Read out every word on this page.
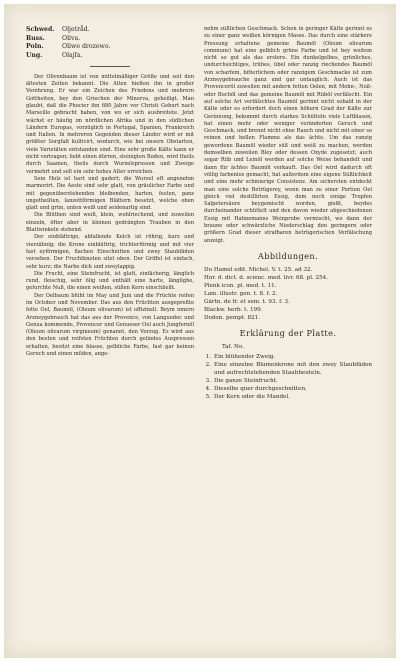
Schwed.	Oljetråd.
Russ.	Oliva.
Poln.	Oliwe drozewo.
Ung.	Olajfa.

Der Olivenbaum ist von mittelmäßiger Größe und seit den ältesten Zeiten bekannt. Die Alten hielten ihn in großer Verehrung. Er war ein Zeichen des Friedens und mehrern Gottheiten, bey den Griechen der Minerva, geheiligt. Man glaubt, daß die Phocier ihn 680 Jahre vor Christi Geburt nach Marseille gebracht haben, von wo er sich ausbreitete. Jetzt wächst er häufig im nördlichen Afrika und in den südlichen Ländern Europas, vorzüglich in Portugal, Spanien, Frankreich und Italien. In mehreren Gegenden dieser Länder wird er mit größter Sorgfalt kultivirt, wodurch, wie bei unsern Obstarten, viele Varietäten entstanden sind. Eine sehr große Kälte kann er nicht vertragen; liebt einen dürren, steinigten Boden, wird theils durch Saamen, theils durch Wurzelsprossen und Zweige vermehrt und soll ein sehr hohes Alter erreichen.

Sein Holz ist hart und gadert; die Wurzel oft angenehm marmorirt. Die Aeste sind sehr glatt, von gräulicher Farbe und mit gegenüberstehenden bleibenden, harten, festen, ganz ungetheilten, lanzettförmigen Blättern besetzt, welche oben glatt und grün, unten weiß und seidenartig sind.

Die Blüthen sind weiß, klein, wohlriechend, und zuweilen einzeln, öfter aber in kleinen gedrängten Trauben in den Blattwinkeln stehend.

Der einblättrige, abfallende Kelch ist röhrig, kurz und vierzähnig; die Krone einblättrig, trichterförmig und mit vier fast eyförmigen, flachen Einschnitten und zwey Staubfäden versehen. Der Fruchtknoten sitzt oben. Der Griffel ist einfach, sehr kurz; die Narbe dick und zweylappig.

Die Frucht, eine Steinfrucht, ist glatt, einfächerig, länglich rund, fleischig, sehr ölig und enthält eine harte, länglighe, gefurchte Nuß, die einen weißen, süßen Kern einschließt.

Der Oelbaum blüht im May und Juni und die Früchte reifen im October und November. Das aus den Früchten ausgepreßte fette Oel, Baumöl, (Oleum olivarum) ist offizinell. Beym innern Arzneygebrauch hat das aus der Provence, von Languedoc und Genua kommende, Provencer und Genueser Oel auch Jungfernöl (Oleum olivarum virgineum) genannt, den Vorzug. Es wird aus den besten und reifsten Früchten durch gelindes Auspressen erhalten, besitzt eine blasse, gelbliche Farbe, fast gar keinen Geruch und einen milden, ange-

nehm süßlichen Geschmack. Schon in geringer Kälte gerinnt es zu einer ganz weißen körnigen Masse. Das durch eine stärkere Pressung erhaltene gemeine Baumöl (Oleum olivarum commune) hat eine gelblich grüne Farbe und ist bey weitem nicht so gut als das erstere. Ein dunkelgelbes, grünliches, undurchsichtiges, trübes, übel oder ranzig riechendes Baumöl von scharfem, bitterlichem oder ranzigem Geschmacke ist zum Arzneygebrauche ganz und gar untauglich. Auch ist das Provenceröl zuweilen mit andern fetten Oelen, mit Mohn-, Nuß- oder Buchöl und das gemeine Baumöl mit Rüböl verfälscht. Ein auf solche Art verfälschtes Baumöl gerinnt nicht sobald in der Kälte oder es erfordert doch einen höhern Grad der Kälte zur Gerinnung, bekommt durch starkes Schütteln viele Luftblasen, hat einen mehr oder weniger veränderten Geruch und Geschmack, und brennt nicht ohne Rauch und nicht mit einer so reinen und hellen Flamme als das ächte. Um das ranzig gewordene Baumöl wieder süß und weiß zu machen, werden demselben zuweilen Bley oder dessen Oxyde zugesetzt; auch sogar Rüb und Leinöl werden auf solche Weise behandelt und dann für ächtes Baumöl verkauft. Das Oel wird dadurch oft völlig farbenlos gemacht, hat außerdem eine eigene Süßlichkeit und eine mehr schmierige Consistenz. Am sichersten entdeckt man eine solche Betrügerey, wenn man zu einer Portion Oel gleich viel destillirten Essig, dem noch einige Tropfen Salpetersäure beygemischt worden, gießt, beydes durcheinander schüttelt und den davon wieder abgeschiedenen Essig mit Hahnemanns Weinprobe vermischt, wo dann der braune oder schwärzliche Niederschlag den geringern oder größern Grad dieser strafbaren betrügerischen Verfälschung anzeigt.

Abbildungen.
Du Hamel edit. Michel. V. t. 25. ad 32.
Hor. d. dict. d. scienc. med. livr. 68. pl. 254.
Plenk icon. pl. med. t. 11.
Lam. illustr. gen. t. 8. f. 2.
Gärtn. de fr. et sem. t. 93. f. 3.
Blackw. herb. t. 199.
Dodon. pempt. 821.
Erklärung der Platte.
Taf. No.
1. Ein blühender Zweig.
2. Eine einzelne Blumenkrone mit den zwey Staubfäden und aufrechtstehenden Staubbeuteln.
3. Die ganze Steinfrucht.
4. Dieselbe quer durchgeschnitten.
5. Der Kern oder die Mandel.
